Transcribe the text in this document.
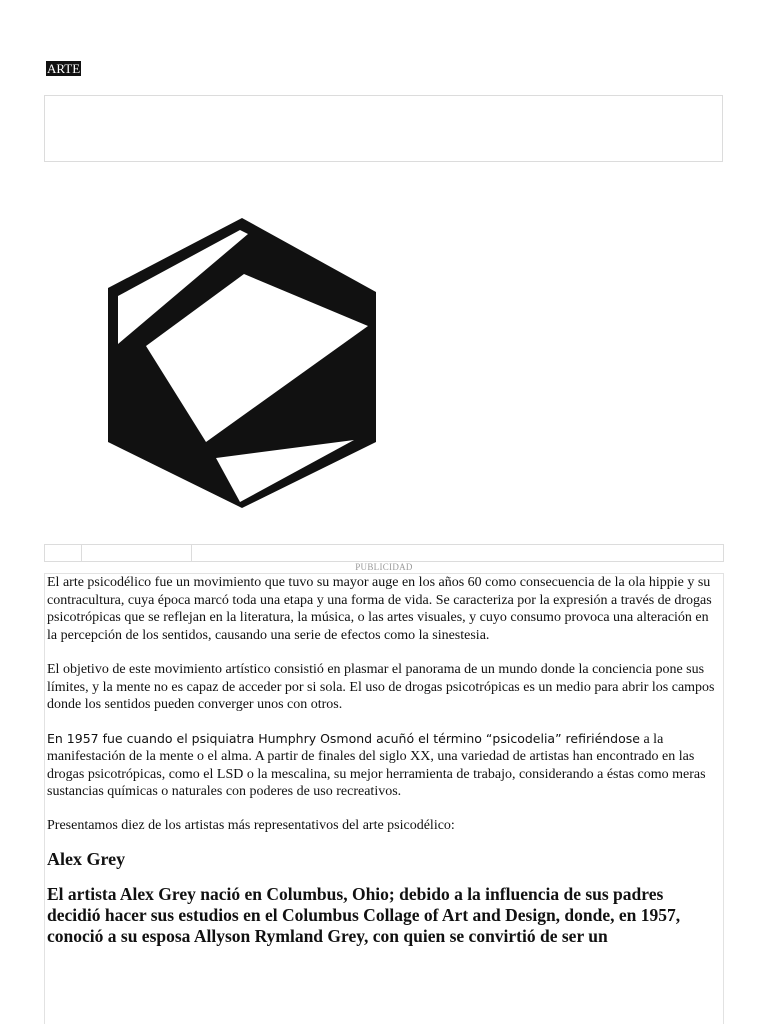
ARTE
PUBLICIDAD

El arte psicodélico fue un movimiento que tuvo su mayor auge en los años 60 como consecuencia de la ola hippie y su contracultura, cuya época marcó toda una etapa y una forma de vida. Se caracteriza por la expresión a través de drogas psicotrópicas que se reflejan en la literatura, la música, o las artes visuales, y cuyo consumo provoca una alteración en la percepción de los sentidos, causando una serie de efectos como la sinestesia.

El objetivo de este movimiento artístico consistió en plasmar el panorama de un mundo donde la conciencia pone sus límites, y la mente no es capaz de acceder por si sola. El uso de drogas psicotrópicas es un medio para abrir los campos donde los sentidos pueden converger unos con otros.

En 1957 fue cuando el psiquiatra Humphry Osmond acuñó el término “psicodelia” refiriéndose a la manifestación de la mente o el alma. A partir de finales del siglo XX, una variedad de artistas han encontrado en las drogas psicotrópicas, como el LSD o la mescalina, su mejor herramienta de trabajo, considerando a éstas como meras sustancias químicas o naturales con poderes de uso recreativos.

Presentamos diez de los artistas más representativos del arte psicodélico:

Alex Grey

El artista Alex Grey nació en Columbus, Ohio; debido a la influencia de sus padres decidió hacer sus estudios en el Columbus Collage of Art and Design, donde, en 1957, conoció a su esposa Allyson Rymland Grey, con quien se convirtió de ser un
